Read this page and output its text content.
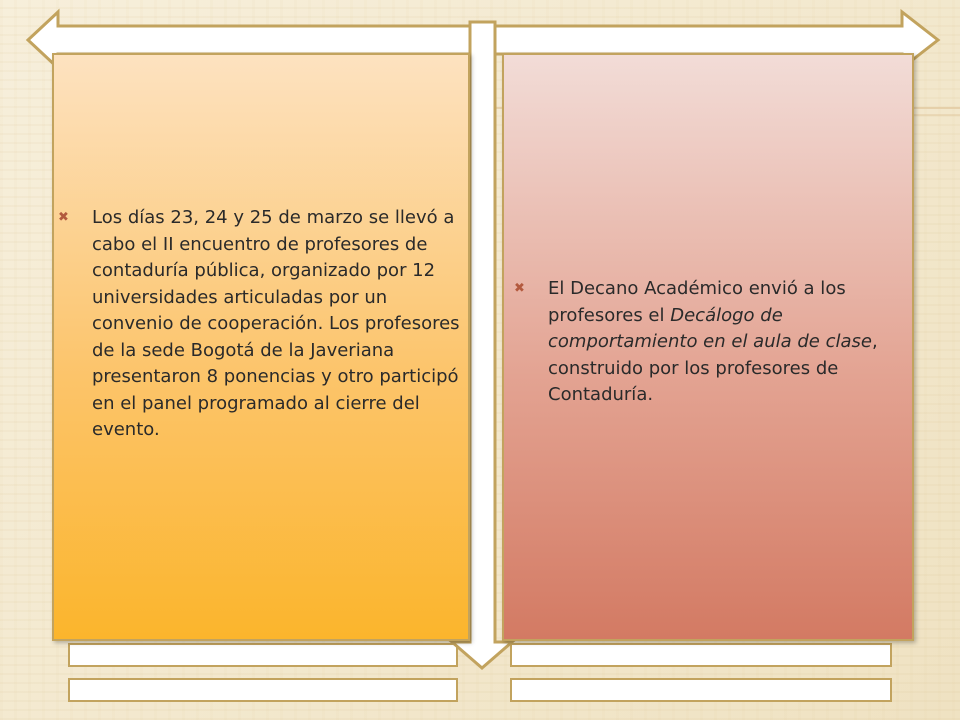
✖	Los días 23, 24 y 25 de marzo se llevó a cabo el II encuentro de profesores de contaduría pública, organizado por 12 universidades articuladas por un convenio de cooperación. Los profesores de la sede Bogotá de la Javeriana presentaron 8 ponencias y otro participó en el panel programado al cierre del evento.
✖	El Decano Académico envió a los profesores el Decálogo de comportamiento en el aula de clase, construido por los profesores de Contaduría.
